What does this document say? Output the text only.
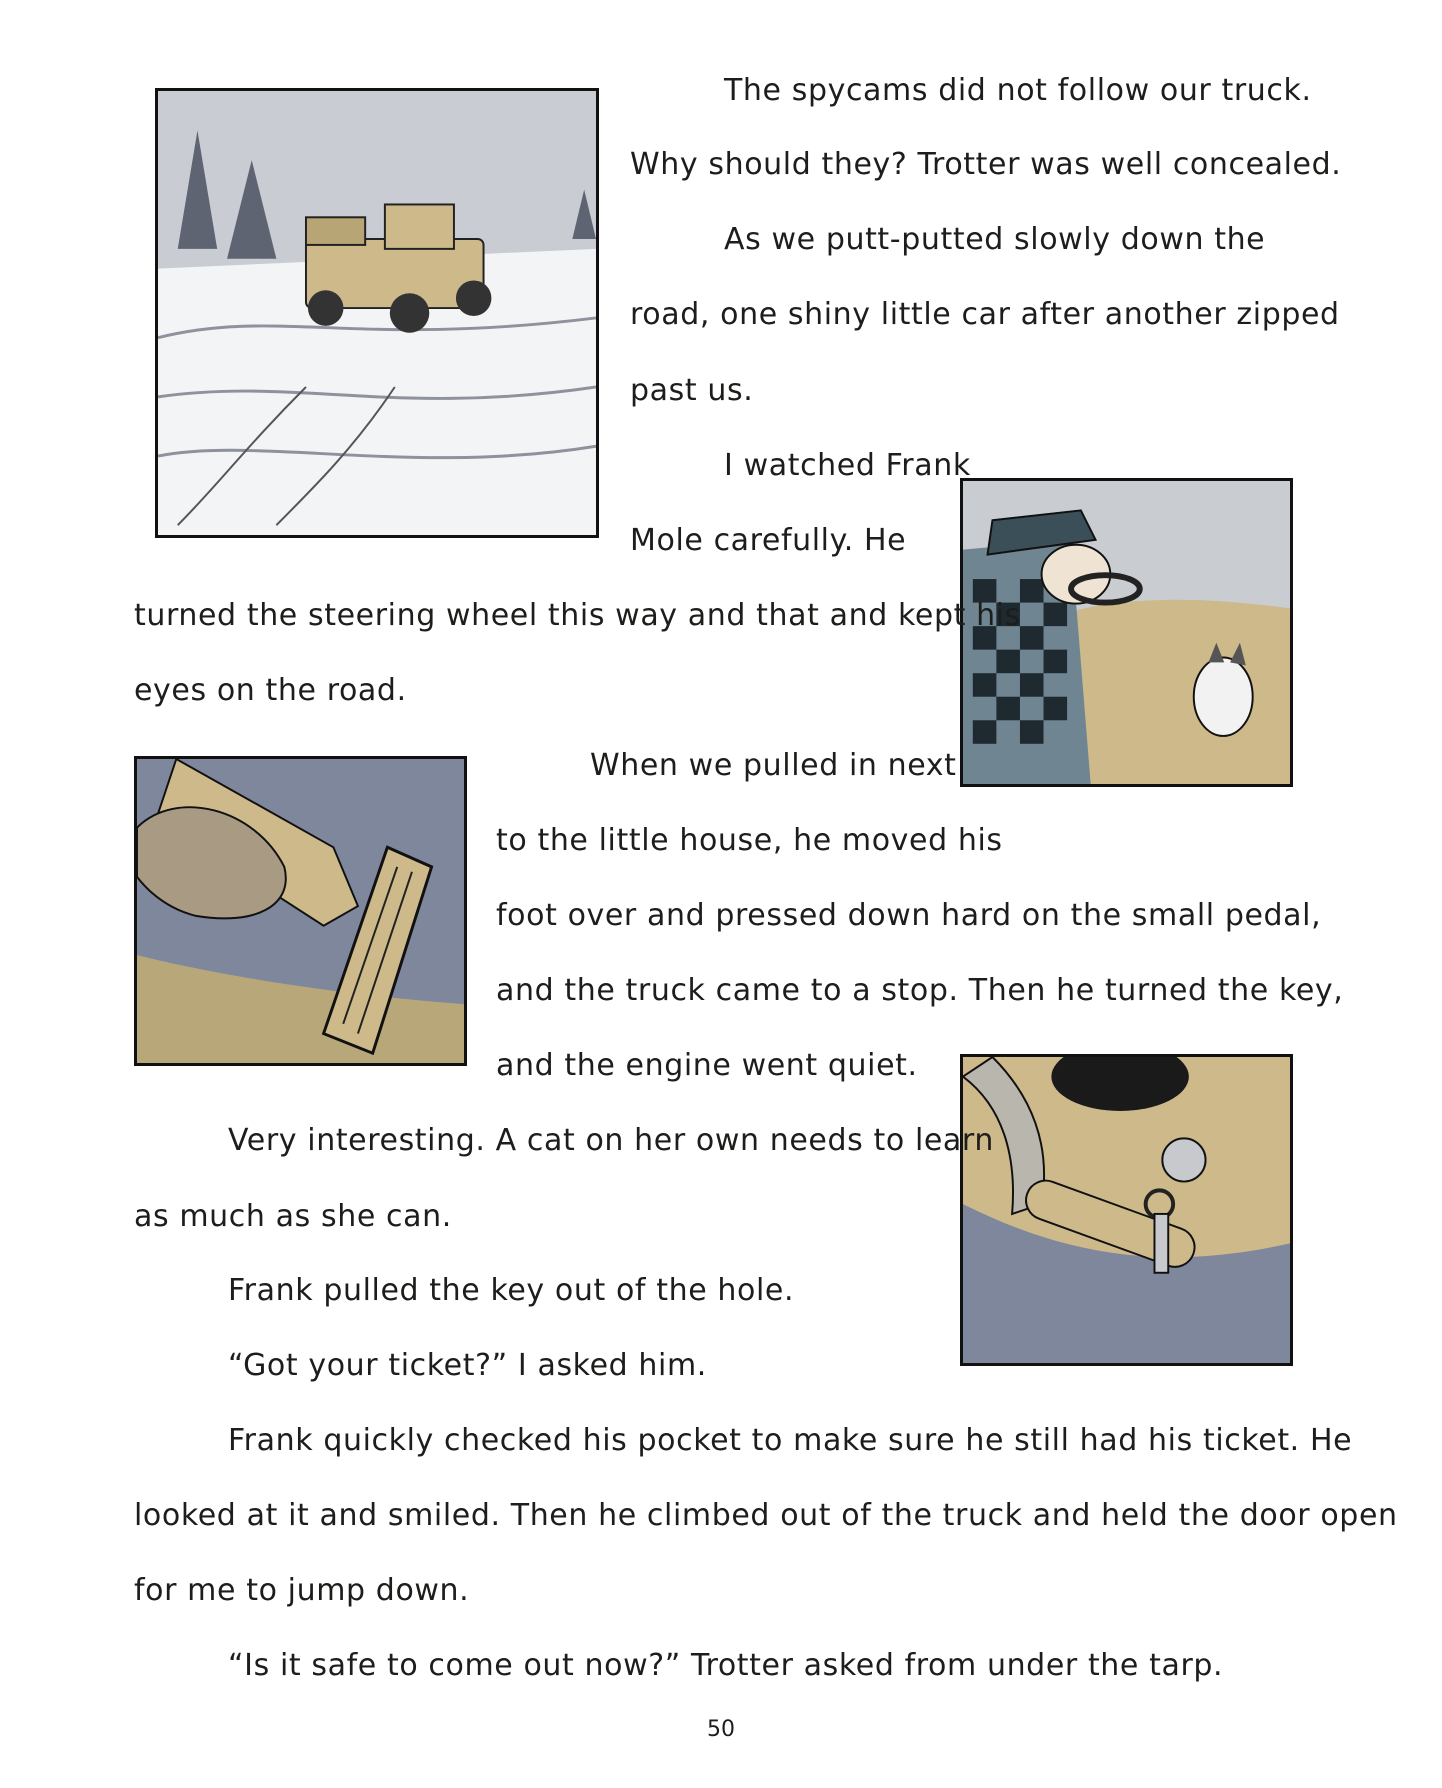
The spycams did not follow our truck.

Why should they? Trotter was well concealed.

As we putt-putted slowly down the

road, one shiny little car after another zipped

past us.

I watched Frank

Mole carefully. He

turned the steering wheel this way and that and kept his

eyes on the road.

When we pulled in next

to the little house, he moved his

foot over and pressed down hard on the small pedal,

and the truck came to a stop. Then he turned the key,

and the engine went quiet.

Very interesting. A cat on her own needs to learn

as much as she can.

Frank pulled the key out of the hole.

“Got your ticket?” I asked him.

Frank quickly checked his pocket to make sure he still had his ticket. He

looked at it and smiled. Then he climbed out of the truck and held the door open

for me to jump down.

“Is it safe to come out now?” Trotter asked from under the tarp.

50
